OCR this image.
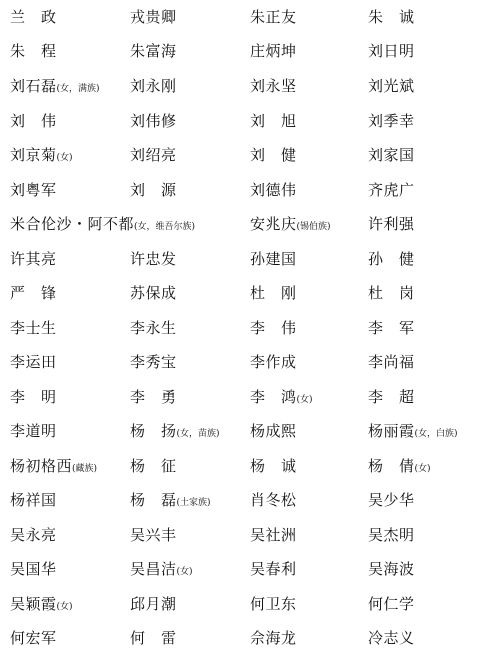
兰　政	戎贵卿	朱正友	朱　诚
朱　程	朱富海	庄炳坤	刘日明
刘石磊(女，满族) 刘永刚	刘永坚	刘光斌
刘　伟	刘伟修	刘　旭	刘季幸
刘京菊(女)	刘绍亮	刘　健	刘家国
刘粤军	刘　源	刘德伟	齐虎广
米合伦沙・阿不都(女，维吾尔族)	安兆庆(锡伯族) 许利强
许其亮	许忠发	孙建国	孙　健
严　锋	苏保成	杜　刚	杜　岗
李士生	李永生	李　伟	李　军
李运田	李秀宝	李作成	李尚福
李　明	李　勇	李　鸿(女)	李　超
李道明	杨　扬(女，苗族) 杨成熙	杨丽霞(女，白族)
杨初格西(藏族) 杨　征	杨　诚	杨　倩(女)
杨祥国	杨　磊(土家族)	肖冬松	吴少华
吴永亮	吴兴丰	吴社洲	吴杰明
吴国华	吴昌洁(女)	吴春利	吴海波
吴颖霞(女)	邱月潮	何卫东	何仁学
何宏军	何　雷	佘海龙	冷志义
